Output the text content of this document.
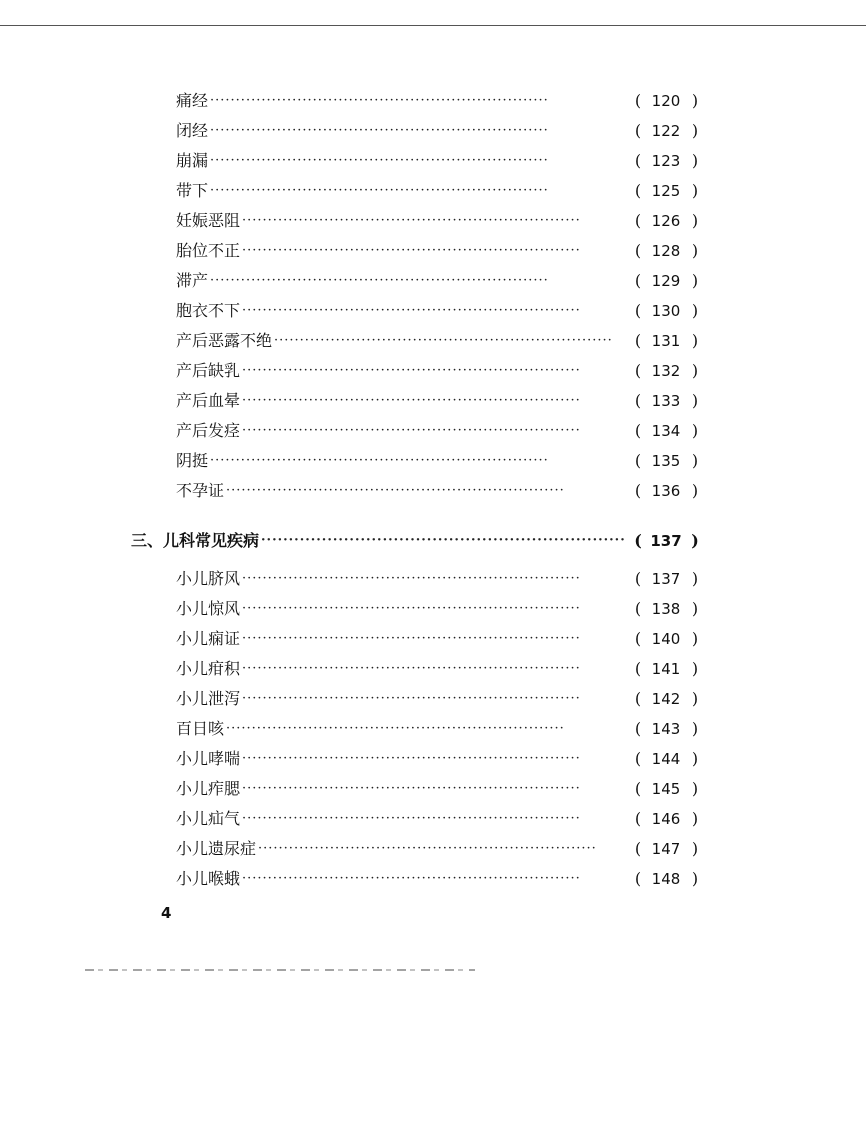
痛经 ··································································	( 120 )
闭经 ··································································	( 122 )
崩漏 ··································································	( 123 )
带下 ··································································	( 125 )
妊娠恶阻 ··································································	( 126 )
胎位不正 ··································································	( 128 )
滞产 ··································································	( 129 )
胞衣不下 ··································································	( 130 )
产后恶露不绝 ··································································	( 131 )
产后缺乳 ··································································	( 132 )
产后血晕 ··································································	( 133 )
产后发痉 ··································································	( 134 )
阴挺 ··································································	( 135 )
不孕证 ··································································	( 136 )
三、儿科常见疾病 ·································································· ( 137 )
小儿脐风 ··································································	( 137 )
小儿惊风 ··································································	( 138 )
小儿痫证 ··································································	( 140 )
小儿疳积 ··································································	( 141 )
小儿泄泻 ··································································	( 142 )
百日咳 ··································································	( 143 )
小儿哮喘 ··································································	( 144 )
小儿痄腮 ··································································	( 145 )
小儿疝气 ··································································	( 146 )
小儿遗尿症 ··································································	( 147 )
小儿喉蛾 ··································································	( 148 )
4
